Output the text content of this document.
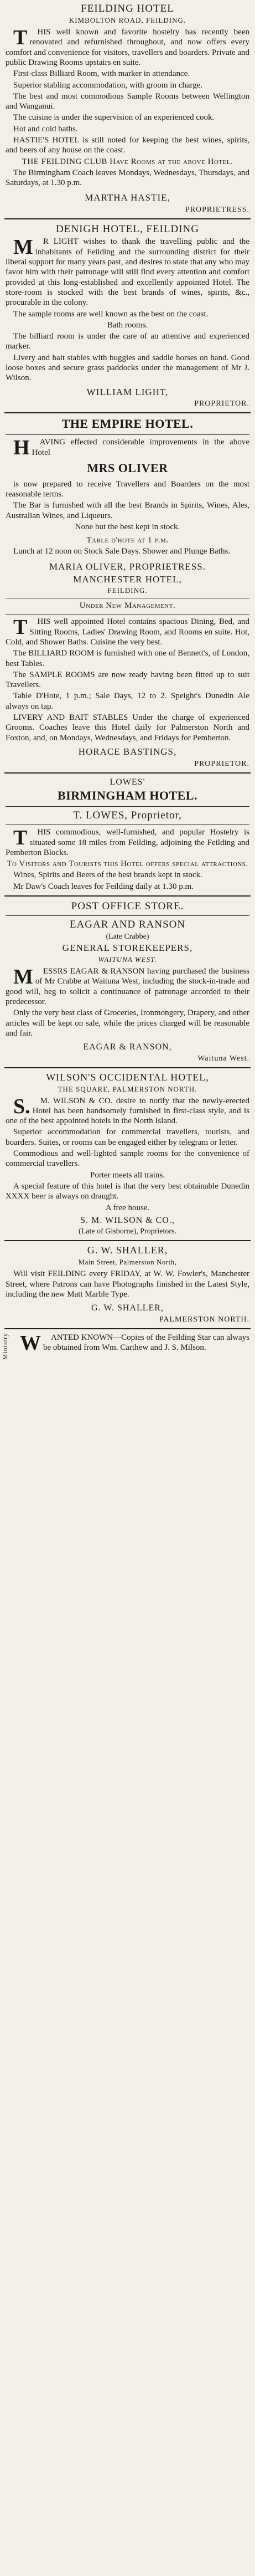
FEILDING HOTEL
KIMBOLTON ROAD, FEILDING.

THIS well known and favorite hostelry has recently been renovated and refurnished throughout, and now offers every comfort and convenience for visitors, travellers and boarders. Private and public Drawing Rooms upstairs en suite.

First-class Billiard Room, with marker in attendance.

Superior stabling accommodation, with groom in charge.

The best and most commodious Sample Rooms between Wellington and Wanganui.

The cuisine is under the supervision of an experienced cook.

Hot and cold baths.

HASTIE'S HOTEL is still noted for keeping the best wines, spirits, and beers of any house on the coast.

THE FEILDING CLUB Have Rooms at the above Hotel.

The Birmingham Coach leaves Mondays, Wednesdays, Thursdays, and Saturdays, at 1.30 p.m.

MARTHA HASTIE,
PROPRIETRESS.
DENIGH HOTEL, FEILDING

MR LIGHT wishes to thank the travelling public and the inhabitants of Feilding and the surrounding district for their liberal support for many years past, and desires to state that any who may favor him with their patronage will still find every attention and comfort provided at this long-established and excellently appointed Hotel. The store-room is stocked with the best brands of wines, spirits, &c., procurable in the colony.

The sample rooms are well known as the best on the coast.

Bath rooms.

The billiard room is under the care of an attentive and experienced marker.

Livery and bait stables with buggies and saddle horses on hand. Good loose boxes and secure grass paddocks under the management of Mr J. Wilson.

WILLIAM LIGHT,
PROPRIETOR.
THE EMPIRE HOTEL.

HAVING effected considerable improvements in the above Hotel

MRS OLIVER

is now prepared to receive Travellers and Boarders on the most reasonable terms.

The Bar is furnished with all the best Brands in Spirits, Wines, Ales, Australian Wines, and Liqueurs.

None but the best kept in stock.

Table d'hote at 1 p.m.

Lunch at 12 noon on Stock Sale Days. Shower and Plunge Baths.

MARIA OLIVER, PROPRIETRESS.
MANCHESTER HOTEL,
FEILDING.
Under New Management.

THIS well appointed Hotel contains spacious Dining, Bed, and Sitting Rooms, Ladies' Drawing Room, and Rooms en suite. Hot, Cold, and Shower Baths. Cuisine the very best.

The BILLIARD ROOM is furnished with one of Bennett's, of London, best Tables.

The SAMPLE ROOMS are now ready having been fitted up to suit Travellers.

Table D'Hote, 1 p.m.; Sale Days, 12 to 2. Speight's Dunedin Ale always on tap.

LIVERY AND BAIT STABLES Under the charge of experienced Grooms. Coaches leave this Hotel daily for Palmerston North and Foxton, and, on Mondays, Wednesdays, and Fridays for Pemberton.

HORACE BASTINGS,
PROPRIETOR.
LOWES'
BIRMINGHAM HOTEL.
T. LOWES, Proprietor,

THIS commodious, well-furnished, and popular Hostelry is situated some 18 miles from Feilding, adjoining the Feilding and Pemberton Blocks.

To Visitors and Tourists this Hotel offers special attractions.

Wines, Spirits and Beers of the best brands kept in stock.

Mr Daw's Coach leaves for Feilding daily at 1.30 p.m.

POST OFFICE STORE.
EAGAR AND RANSON
(Late Crabbe)
GENERAL STOREKEEPERS,
WAITUNA WEST.

MESSRS EAGAR & RANSON having purchased the business of Mr Crabbe at Waituna West, including the stock-in-trade and good will, beg to solicit a continuance of patronage accorded to their predecessor.

Only the very best class of Groceries, Ironmongery, Drapery, and other articles will be kept on sale, while the prices charged will be reasonable and fair.

EAGAR & RANSON,
Waituna West.
WILSON'S OCCIDENTAL HOTEL,
THE SQUARE, PALMERSTON NORTH.

S.M. WILSON & CO. desire to notify that the newly-erected Hotel has been handsomely furnished in first-class style, and is one of the best appointed hotels in the North Island.

Superior accommodation for commercial travellers, tourists, and boarders. Suites, or rooms can be engaged either by telegram or letter.

Commodious and well-lighted sample rooms for the convenience of commercial travellers.

Porter meets all trains.

A special feature of this hotel is that the very best obtainable Dunedin XXXX beer is always on draught.

A free house.

S. M. WILSON & CO.,
(Late of Gisborne), Proprietors.
G. W. SHALLER,
Main Street, Palmerston North,

Will visit FEILDING every FRIDAY, at W. W. Fowler's, Manchester Street, where Patrons can have Photographs finished in the Latest Style, including the new Matt Marble Type.

G. W. SHALLER,
PALMERSTON NORTH.
Ministry	WANTED KNOWN—Copies of the Feilding Star can always be obtained from Wm. Carthew and J. S. Milson.
